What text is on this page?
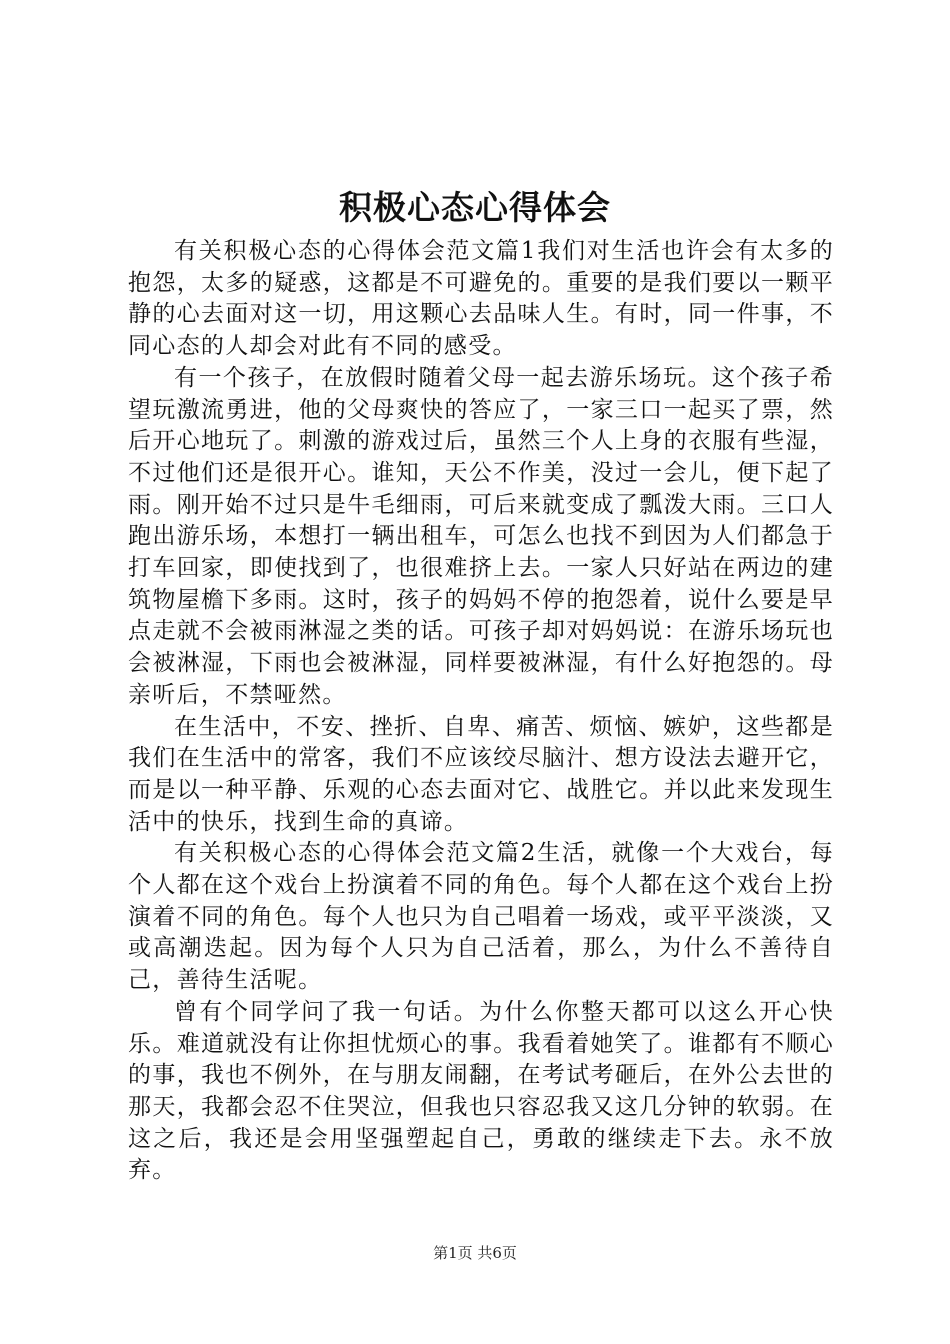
积极心态心得体会

有关积极心态的心得体会范文篇1我们对生活也许会有太多的抱怨，太多的疑惑，这都是不可避免的。重要的是我们要以一颗平静的心去面对这一切，用这颗心去品味人生。有时，同一件事，不同心态的人却会对此有不同的感受。

有一个孩子，在放假时随着父母一起去游乐场玩。这个孩子希望玩激流勇进，他的父母爽快的答应了，一家三口一起买了票，然后开心地玩了。刺激的游戏过后，虽然三个人上身的衣服有些湿，不过他们还是很开心。谁知，天公不作美，没过一会儿，便下起了雨。刚开始不过只是牛毛细雨，可后来就变成了瓢泼大雨。三口人跑出游乐场，本想打一辆出租车，可怎么也找不到因为人们都急于打车回家，即使找到了，也很难挤上去。一家人只好站在两边的建筑物屋檐下多雨。这时，孩子的妈妈不停的抱怨着，说什么要是早点走就不会被雨淋湿之类的话。可孩子却对妈妈说：在游乐场玩也会被淋湿，下雨也会被淋湿，同样要被淋湿，有什么好抱怨的。母亲听后，不禁哑然。

在生活中，不安、挫折、自卑、痛苦、烦恼、嫉妒，这些都是我们在生活中的常客，我们不应该绞尽脑汁、想方设法去避开它，而是以一种平静、乐观的心态去面对它、战胜它。并以此来发现生活中的快乐，找到生命的真谛。

有关积极心态的心得体会范文篇2生活，就像一个大戏台，每个人都在这个戏台上扮演着不同的角色。每个人都在这个戏台上扮演着不同的角色。每个人也只为自己唱着一场戏，或平平淡淡，又或高潮迭起。因为每个人只为自己活着，那么，为什么不善待自己，善待生活呢。

曾有个同学问了我一句话。为什么你整天都可以这么开心快乐。难道就没有让你担忧烦心的事。我看着她笑了。谁都有不顺心的事，我也不例外，在与朋友闹翻，在考试考砸后，在外公去世的那天，我都会忍不住哭泣，但我也只容忍我又这几分钟的软弱。在这之后，我还是会用坚强塑起自己，勇敢的继续走下去。永不放弃。

第1页 共6页
